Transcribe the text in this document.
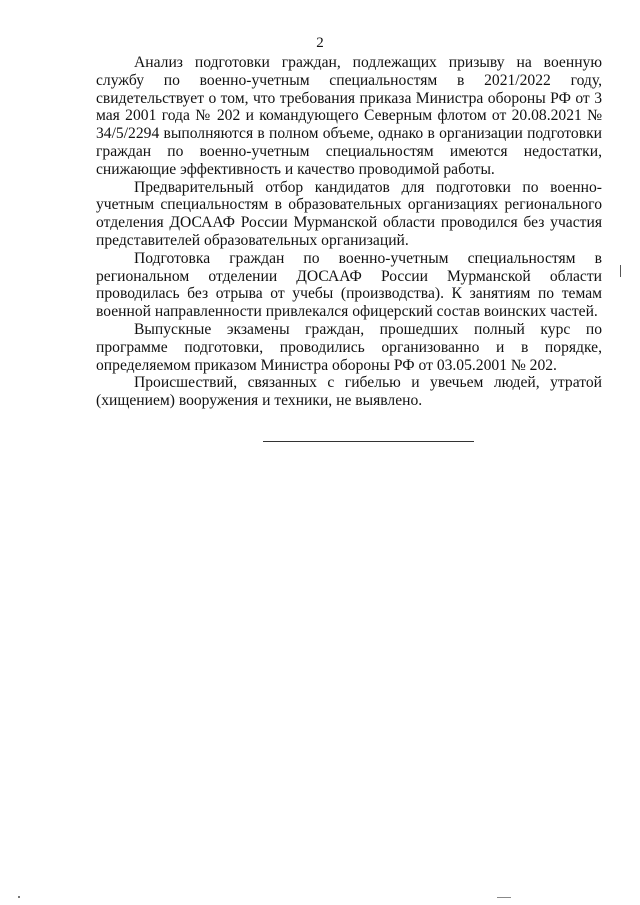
2

Анализ подготовки граждан, подлежащих призыву на военную службу по военно-учетным специальностям в 2021/2022 году, свидетельствует о том, что требования приказа Министра обороны РФ от 3 мая 2001 года № 202 и командующего Северным флотом от 20.08.2021 № 34/5/2294 выполняются в полном объеме, однако в организации подготовки граждан по военно-учетным специальностям имеются недостатки, снижающие эффективность и качество проводимой работы.

Предварительный отбор кандидатов для подготовки по военно-учетным специальностям в образовательных организациях регионального отделения ДОСААФ России Мурманской области проводился без участия представителей образовательных организаций.

Подготовка граждан по военно-учетным специальностям в региональном отделении ДОСААФ России Мурманской области проводилась без отрыва от учебы (производства). К занятиям по темам военной направленности привлекался офицерский состав воинских частей.

Выпускные экзамены граждан, прошедших полный курс по программе подготовки, проводились организованно и в порядке, определяемом приказом Министра обороны РФ от 03.05.2001 № 202.

Происшествий, связанных с гибелью и увечьем людей, утратой (хищением) вооружения и техники, не выявлено.
